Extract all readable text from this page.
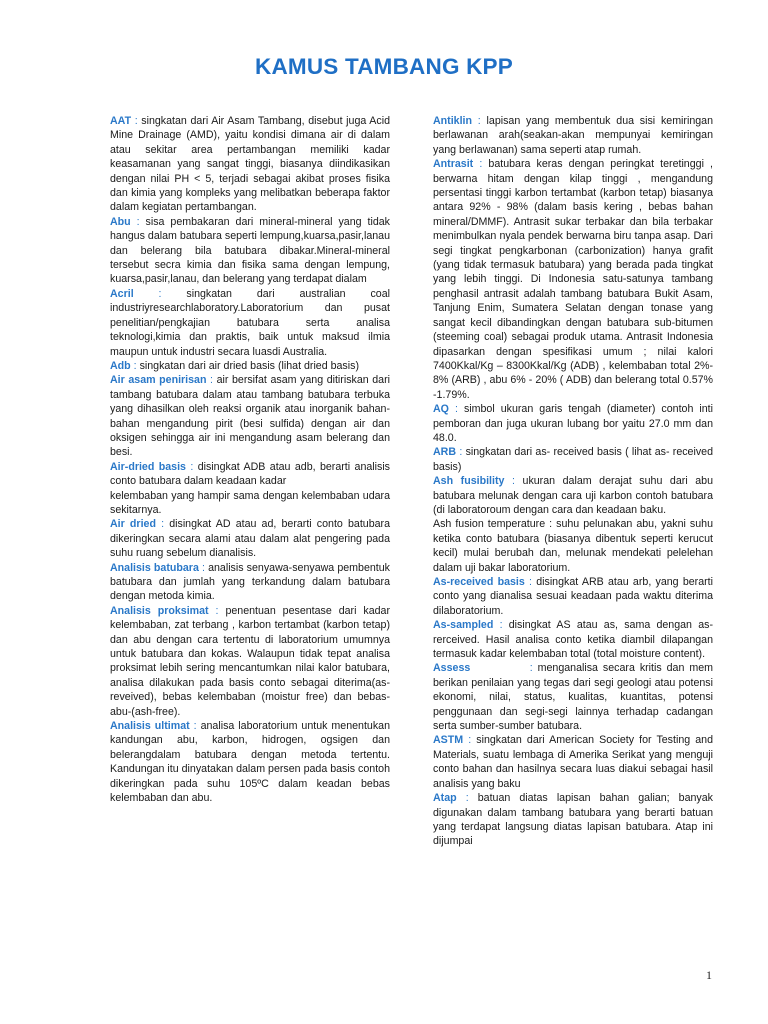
KAMUS TAMBANG KPP

AAT : singkatan dari Air Asam Tambang, disebut juga Acid Mine Drainage (AMD), yaitu kondisi dimana air di dalam atau sekitar area pertambangan memiliki kadar keasamanan yang sangat tinggi, biasanya diindikasikan dengan nilai PH < 5, terjadi sebagai akibat proses fisika dan kimia yang kompleks yang melibatkan beberapa faktor dalam kegiatan pertambangan.

Abu : sisa pembakaran dari mineral-mineral yang tidak hangus dalam batubara seperti lempung,kuarsa,pasir,lanau dan belerang bila batubara dibakar.Mineral-mineral tersebut secra kimia dan fisika sama dengan lempung, kuarsa,pasir,lanau, dan belerang yang terdapat dialam

Acril : singkatan dari australian coal industriyresearchlaboratory.Laboratorium dan pusat penelitian/pengkajian batubara serta analisa teknologi,kimia dan praktis, baik untuk maksud ilmia maupun untuk industri secara luasdi Australia.

Adb : singkatan dari air dried basis (lihat dried basis)

Air asam penirisan : air bersifat asam yang ditiriskan dari tambang batubara dalam atau tambang batubara terbuka yang dihasilkan oleh reaksi organik atau inorganik bahan-bahan mengandung pirit (besi sulfida) dengan air dan oksigen sehingga air ini mengandung asam belerang dan besi.

Air-dried basis : disingkat ADB atau adb, berarti analisis conto batubara dalam keadaan kadar

kelembaban yang hampir sama dengan kelembaban udara sekitarnya.

Air dried : disingkat AD atau ad, berarti conto batubara dikeringkan secara alami atau dalam alat pengering pada suhu ruang sebelum dianalisis.

Analisis batubara : analisis senyawa-senyawa pembentuk batubara dan jumlah yang terkandung dalam batubara dengan metoda kimia.

Analisis proksimat : penentuan pesentase dari kadar kelembaban, zat terbang , karbon tertambat (karbon tetap) dan abu dengan cara tertentu di laboratorium umumnya untuk batubara dan kokas. Walaupun tidak tepat analisa proksimat lebih sering mencantumkan nilai kalor batubara, analisa dilakukan pada basis conto sebagai diterima(as-reveived), bebas kelembaban (moistur free) dan bebas-abu-(ash-free).

Analisis ultimat : analisa laboratorium untuk menentukan kandungan abu, karbon, hidrogen, ogsigen dan belerangdalam batubara dengan metoda tertentu. Kandungan itu dinyatakan dalam persen pada basis contoh dikeringkan pada suhu 105ºC dalam keadan bebas kelembaban dan abu.

Antiklin : lapisan yang membentuk dua sisi kemiringan berlawanan arah(seakan-akan mempunyai kemiringan yang berlawanan) sama seperti atap rumah.

Antrasit : batubara keras dengan peringkat teretinggi , berwarna hitam dengan kilap tinggi , mengandung persentasi tinggi karbon tertambat (karbon tetap) biasanya antara 92% - 98% (dalam basis kering , bebas bahan mineral/DMMF). Antrasit sukar terbakar dan bila terbakar menimbulkan nyala pendek berwarna biru tanpa asap. Dari segi tingkat pengkarbonan (carbonization) hanya grafit (yang tidak termasuk batubara) yang berada pada tingkat yang lebih tinggi. Di Indonesia satu-satunya tambang penghasil antrasit adalah tambang batubara Bukit Asam, Tanjung Enim, Sumatera Selatan dengan tonase yang sangat kecil dibandingkan dengan batubara sub-bitumen (steeming coal) sebagai produk utama. Antrasit Indonesia dipasarkan dengan spesifikasi umum ; nilai kalori 7400Kkal/Kg – 8300Kkal/Kg (ADB) , kelembaban total 2%- 8% (ARB) , abu 6% - 20% ( ADB) dan belerang total 0.57% -1.79%.

AQ : simbol ukuran garis tengah (diameter) contoh inti pemboran dan juga ukuran lubang bor yaitu 27.0 mm dan 48.0.

ARB : singkatan dari as- received basis ( lihat as- received basis)

Ash fusibility : ukuran dalam derajat suhu dari abu batubara melunak dengan cara uji karbon contoh batubara (di laboratoroum dengan cara dan keadaan baku.

Ash fusion temperature : suhu pelunakan abu, yakni suhu ketika conto batubara (biasanya dibentuk seperti kerucut kecil) mulai berubah dan, melunak mendekati pelelehan dalam uji bakar laboratorium.

As-received basis : disingkat ARB atau arb, yang berarti conto yang dianalisa sesuai keadaan pada waktu diterima dilaboratorium.

As-sampled : disingkat AS atau as, sama dengan as-rerceived. Hasil analisa conto ketika diambil dilapangan termasuk kadar kelembaban total (total moisture content).

Assess            : menganalisa secara kritis dan mem berikan penilaian yang tegas dari segi geologi atau potensi ekonomi, nilai, status, kualitas, kuantitas, potensi penggunaan dan segi-segi lainnya terhadap cadangan serta sumber-sumber batubara.

ASTM : singkatan dari American Society for Testing and Materials, suatu lembaga di Amerika Serikat yang menguji conto bahan dan hasilnya secara luas diakui sebagai hasil analisis yang baku

Atap : batuan diatas lapisan bahan galian; banyak digunakan dalam tambang batubara yang berarti batuan yang terdapat langsung diatas lapisan batubara. Atap ini dijumpai

1
